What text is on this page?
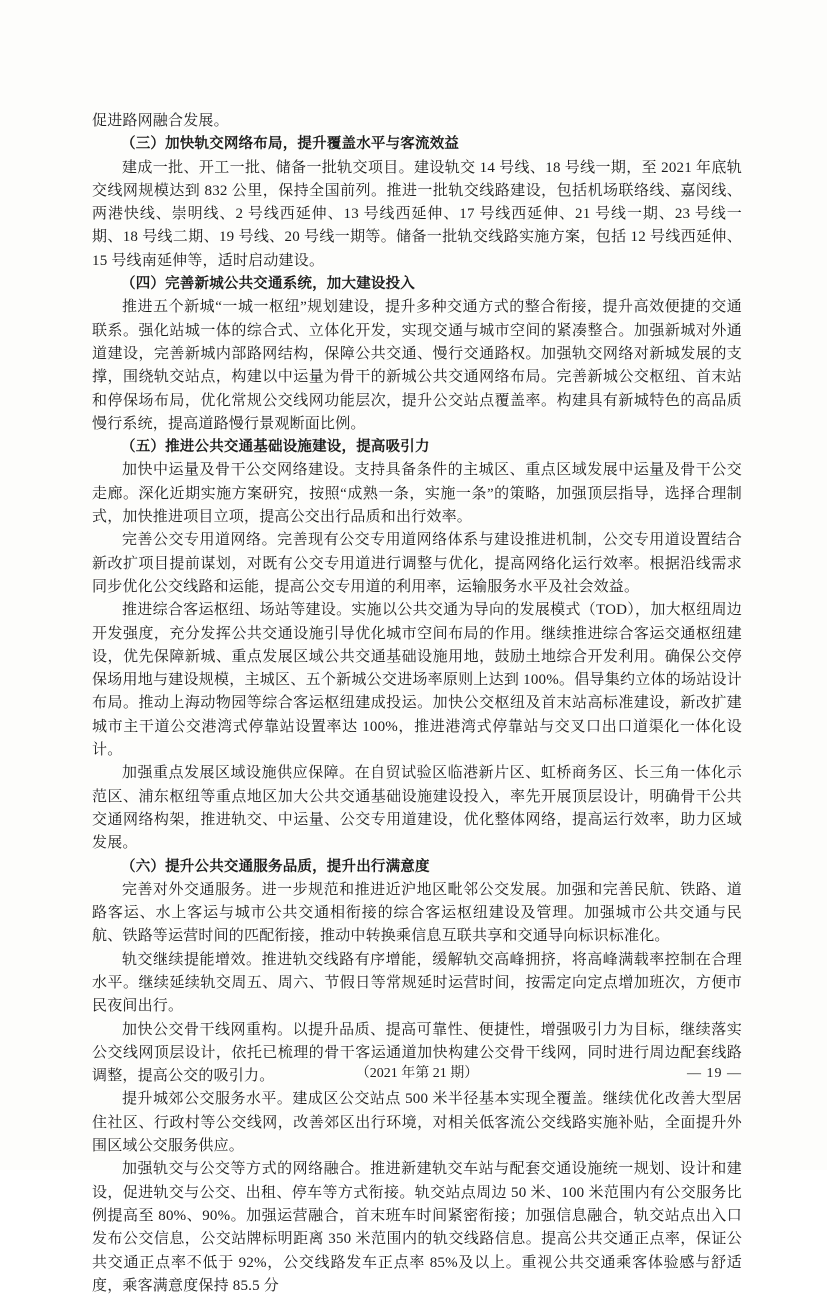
促进路网融合发展。

（三）加快轨交网络布局，提升覆盖水平与客流效益

建成一批、开工一批、储备一批轨交项目。建设轨交 14 号线、18 号线一期，至 2021 年底轨交线网规模达到 832 公里，保持全国前列。推进一批轨交线路建设，包括机场联络线、嘉闵线、两港快线、崇明线、2 号线西延伸、13 号线西延伸、17 号线西延伸、21 号线一期、23 号线一期、18 号线二期、19 号线、20 号线一期等。储备一批轨交线路实施方案，包括 12 号线西延伸、15 号线南延伸等，适时启动建设。

（四）完善新城公共交通系统，加大建设投入

推进五个新城“一城一枢纽”规划建设，提升多种交通方式的整合衔接，提升高效便捷的交通联系。强化站城一体的综合式、立体化开发，实现交通与城市空间的紧凑整合。加强新城对外通道建设，完善新城内部路网结构，保障公共交通、慢行交通路权。加强轨交网络对新城发展的支撑，围绕轨交站点，构建以中运量为骨干的新城公共交通网络布局。完善新城公交枢纽、首末站和停保场布局，优化常规公交线网功能层次，提升公交站点覆盖率。构建具有新城特色的高品质慢行系统，提高道路慢行景观断面比例。

（五）推进公共交通基础设施建设，提高吸引力

加快中运量及骨干公交网络建设。支持具备条件的主城区、重点区域发展中运量及骨干公交走廊。深化近期实施方案研究，按照“成熟一条，实施一条”的策略，加强顶层指导，选择合理制式，加快推进项目立项，提高公交出行品质和出行效率。

完善公交专用道网络。完善现有公交专用道网络体系与建设推进机制，公交专用道设置结合新改扩项目提前谋划，对既有公交专用道进行调整与优化，提高网络化运行效率。根据沿线需求同步优化公交线路和运能，提高公交专用道的利用率，运输服务水平及社会效益。

推进综合客运枢纽、场站等建设。实施以公共交通为导向的发展模式（TOD），加大枢纽周边开发强度，充分发挥公共交通设施引导优化城市空间布局的作用。继续推进综合客运交通枢纽建设，优先保障新城、重点发展区域公共交通基础设施用地，鼓励土地综合开发利用。确保公交停保场用地与建设规模，主城区、五个新城公交进场率原则上达到 100%。倡导集约立体的场站设计布局。推动上海动物园等综合客运枢纽建成投运。加快公交枢纽及首末站高标准建设，新改扩建城市主干道公交港湾式停靠站设置率达 100%，推进港湾式停靠站与交叉口出口道渠化一体化设计。

加强重点发展区域设施供应保障。在自贸试验区临港新片区、虹桥商务区、长三角一体化示范区、浦东枢纽等重点地区加大公共交通基础设施建设投入，率先开展顶层设计，明确骨干公共交通网络构架，推进轨交、中运量、公交专用道建设，优化整体网络，提高运行效率，助力区域发展。

（六）提升公共交通服务品质，提升出行满意度

完善对外交通服务。进一步规范和推进近沪地区毗邻公交发展。加强和完善民航、铁路、道路客运、水上客运与城市公共交通相衔接的综合客运枢纽建设及管理。加强城市公共交通与民航、铁路等运营时间的匹配衔接，推动中转换乘信息互联共享和交通导向标识标准化。

轨交继续提能增效。推进轨交线路有序增能，缓解轨交高峰拥挤，将高峰满载率控制在合理水平。继续延续轨交周五、周六、节假日等常规延时运营时间，按需定向定点增加班次，方便市民夜间出行。

加快公交骨干线网重构。以提升品质、提高可靠性、便捷性，增强吸引力为目标，继续落实公交线网顶层设计，依托已梳理的骨干客运通道加快构建公交骨干线网，同时进行周边配套线路调整，提高公交的吸引力。

提升城郊公交服务水平。建成区公交站点 500 米半径基本实现全覆盖。继续优化改善大型居住社区、行政村等公交线网，改善郊区出行环境，对相关低客流公交线路实施补贴，全面提升外围区域公交服务供应。

加强轨交与公交等方式的网络融合。推进新建轨交车站与配套交通设施统一规划、设计和建设，促进轨交与公交、出租、停车等方式衔接。轨交站点周边 50 米、100 米范围内有公交服务比例提高至 80%、90%。加强运营融合，首末班车时间紧密衔接；加强信息融合，轨交站点出入口发布公交信息，公交站牌标明距离 350 米范围内的轨交线路信息。提高公共交通正点率，保证公共交通正点率不低于 92%，公交线路发车正点率 85%及以上。重视公共交通乘客体验感与舒适度，乘客满意度保持 85.5 分

（2021 年第 21 期）	— 19 —
